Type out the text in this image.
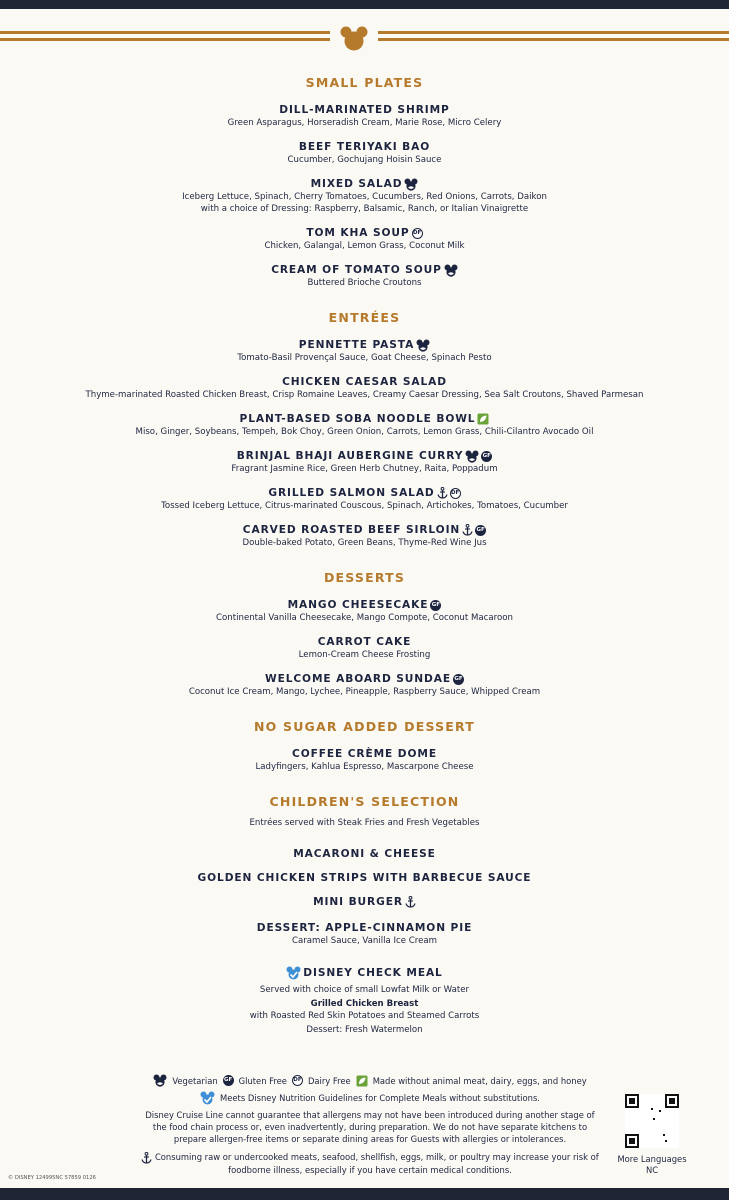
SMALL PLATES
DILL-MARINATED SHRIMP
Green Asparagus, Horseradish Cream, Marie Rose, Micro Celery
BEEF TERIYAKI BAO
Cucumber, Gochujang Hoisin Sauce
MIXED SALAD
Iceberg Lettuce, Spinach, Cherry Tomatoes, Cucumbers, Red Onions, Carrots, Daikon
with a choice of Dressing: Raspberry, Balsamic, Ranch, or Italian Vinaigrette
TOM KHA SOUP DF
Chicken, Galangal, Lemon Grass, Coconut Milk
CREAM OF TOMATO SOUP
Buttered Brioche Croutons
ENTRÉES
PENNETTE PASTA
Tomato-Basil Provençal Sauce, Goat Cheese, Spinach Pesto
CHICKEN CAESAR SALAD
Thyme-marinated Roasted Chicken Breast, Crisp Romaine Leaves, Creamy Caesar Dressing, Sea Salt Croutons, Shaved Parmesan
PLANT-BASED SOBA NOODLE BOWL
Miso, Ginger, Soybeans, Tempeh, Bok Choy, Green Onion, Carrots, Lemon Grass, Chili-Cilantro Avocado Oil
BRINJAL BHAJI AUBERGINE CURRY	GF
Fragrant Jasmine Rice, Green Herb Chutney, Raita, Poppadum
GRILLED SALMON SALAD	DF
Tossed Iceberg Lettuce, Citrus-marinated Couscous, Spinach, Artichokes, Tomatoes, Cucumber
CARVED ROASTED BEEF SIRLOIN	GF
Double-baked Potato, Green Beans, Thyme-Red Wine Jus
DESSERTS
MANGO CHEESECAKE GF
Continental Vanilla Cheesecake, Mango Compote, Coconut Macaroon
CARROT CAKE
Lemon-Cream Cheese Frosting
WELCOME ABOARD SUNDAE GF
Coconut Ice Cream, Mango, Lychee, Pineapple, Raspberry Sauce, Whipped Cream
NO SUGAR ADDED DESSERT
COFFEE CRÈME DOME
Ladyfingers, Kahlua Espresso, Mascarpone Cheese
CHILDREN'S SELECTION
Entrées served with Steak Fries and Fresh Vegetables
MACARONI & CHEESE
GOLDEN CHICKEN STRIPS WITH BARBECUE SAUCE
MINI BURGER
DESSERT: APPLE-CINNAMON PIE
Caramel Sauce, Vanilla Ice Cream
DISNEY CHECK MEAL
Served with choice of small Lowfat Milk or Water
Grilled Chicken Breast
with Roasted Red Skin Potatoes and Steamed Carrots
Dessert: Fresh Watermelon
Vegetarian GF Gluten Free DF Dairy Free	Made without animal meat, dairy, eggs, and honey
Meets Disney Nutrition Guidelines for Complete Meals without substitutions.

Disney Cruise Line cannot guarantee that allergens may not have been introduced during another stage of the food chain process or, even inadvertently, during preparation. We do not have separate kitchens to prepare allergen-free items or separate dining areas for Guests with allergies or intolerances.

Consuming raw or undercooked meats, seafood, shellfish, eggs, milk, or poultry may increase your risk of foodborne illness, especially if you have certain medical conditions.

More Languages
NC
© DISNEY 124995NC 57859 0126
